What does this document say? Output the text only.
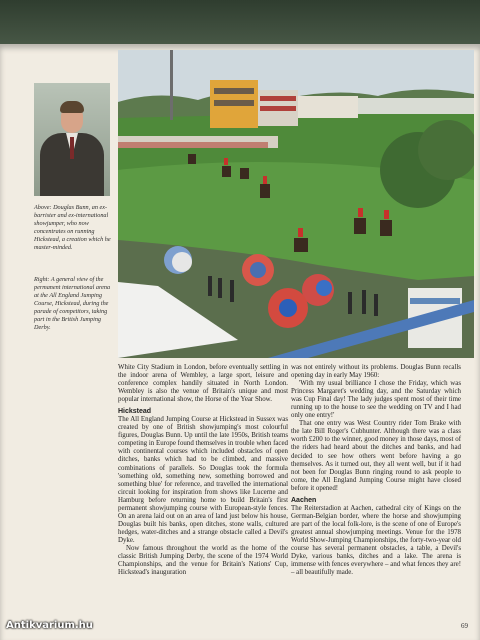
Above: Douglas Bunn, an ex-barrister and ex-international showjumper, who now concentrates on running Hickstead, a creation which he master-minded.
Right: A general view of the permanent international arena at the All England Jumping Course, Hickstead, during the parade of competitors, taking part in the British Jumping Derby.

White City Stadium in London, before eventually settling in the indoor arena of Wembley, a large sport, leisure and conference complex handily situated in North London. Wembley is also the venue of Britain's unique and most popular international show, the Horse of the Year Show.

Hickstead

The All England Jumping Course at Hickstead in Sussex was created by one of British showjumping's most colourful figures, Douglas Bunn. Up until the late 1950s, British teams competing in Europe found themselves in trouble when faced with continental courses which included obstacles of open ditches, banks which had to be climbed, and massive combinations of parallels. So Douglas took the formula 'something old, something new, something borrowed and something blue' for reference, and travelled the international circuit looking for inspiration from shows like Lucerne and Hamburg before returning home to build Britain's first permanent showjumping course with European-style fences. On an arena laid out on an area of land just below his house, Douglas built his banks, open ditches, stone walls, cultured hedges, water-ditches and a strange obstacle called a Devil's Dyke.

Now famous throughout the world as the home of the classic British Jumping Derby, the scene of the 1974 World Championships, and the venue for Britain's Nations' Cup, Hickstead's inauguration

was not entirely without its problems. Douglas Bunn recalls opening day in early May 1960:

'With my usual brilliance I chose the Friday, which was Princess Margaret's wedding day, and the Saturday which was Cup Final day! The lady judges spent most of their time running up to the house to see the wedding on TV and I had only one entry!'

That one entry was West Country rider Tom Brake with the late Bill Roger's Cubhunter. Although there was a class worth £200 to the winner, good money in those days, most of the riders had heard about the ditches and banks, and had decided to see how others went before having a go themselves. As it turned out, they all went well, but if it had not been for Douglas Bunn ringing round to ask people to come, the All England Jumping Course might have closed before it opened!

Aachen

The Reiterstadion at Aachen, cathedral city of Kings on the German-Belgian border, where the horse and showjumping are part of the local folk-lore, is the scene of one of Europe's greatest annual showjumping meetings. Venue for the 1978 World Show-Jumping Championships, the forty-two-year old course has several permanent obstacles, a table, a Devil's Dyke, various banks, ditches and a lake. The arena is immense with fences everywhere – and what fences they are! – all beautifully made.

69
Antikvarium.hu
